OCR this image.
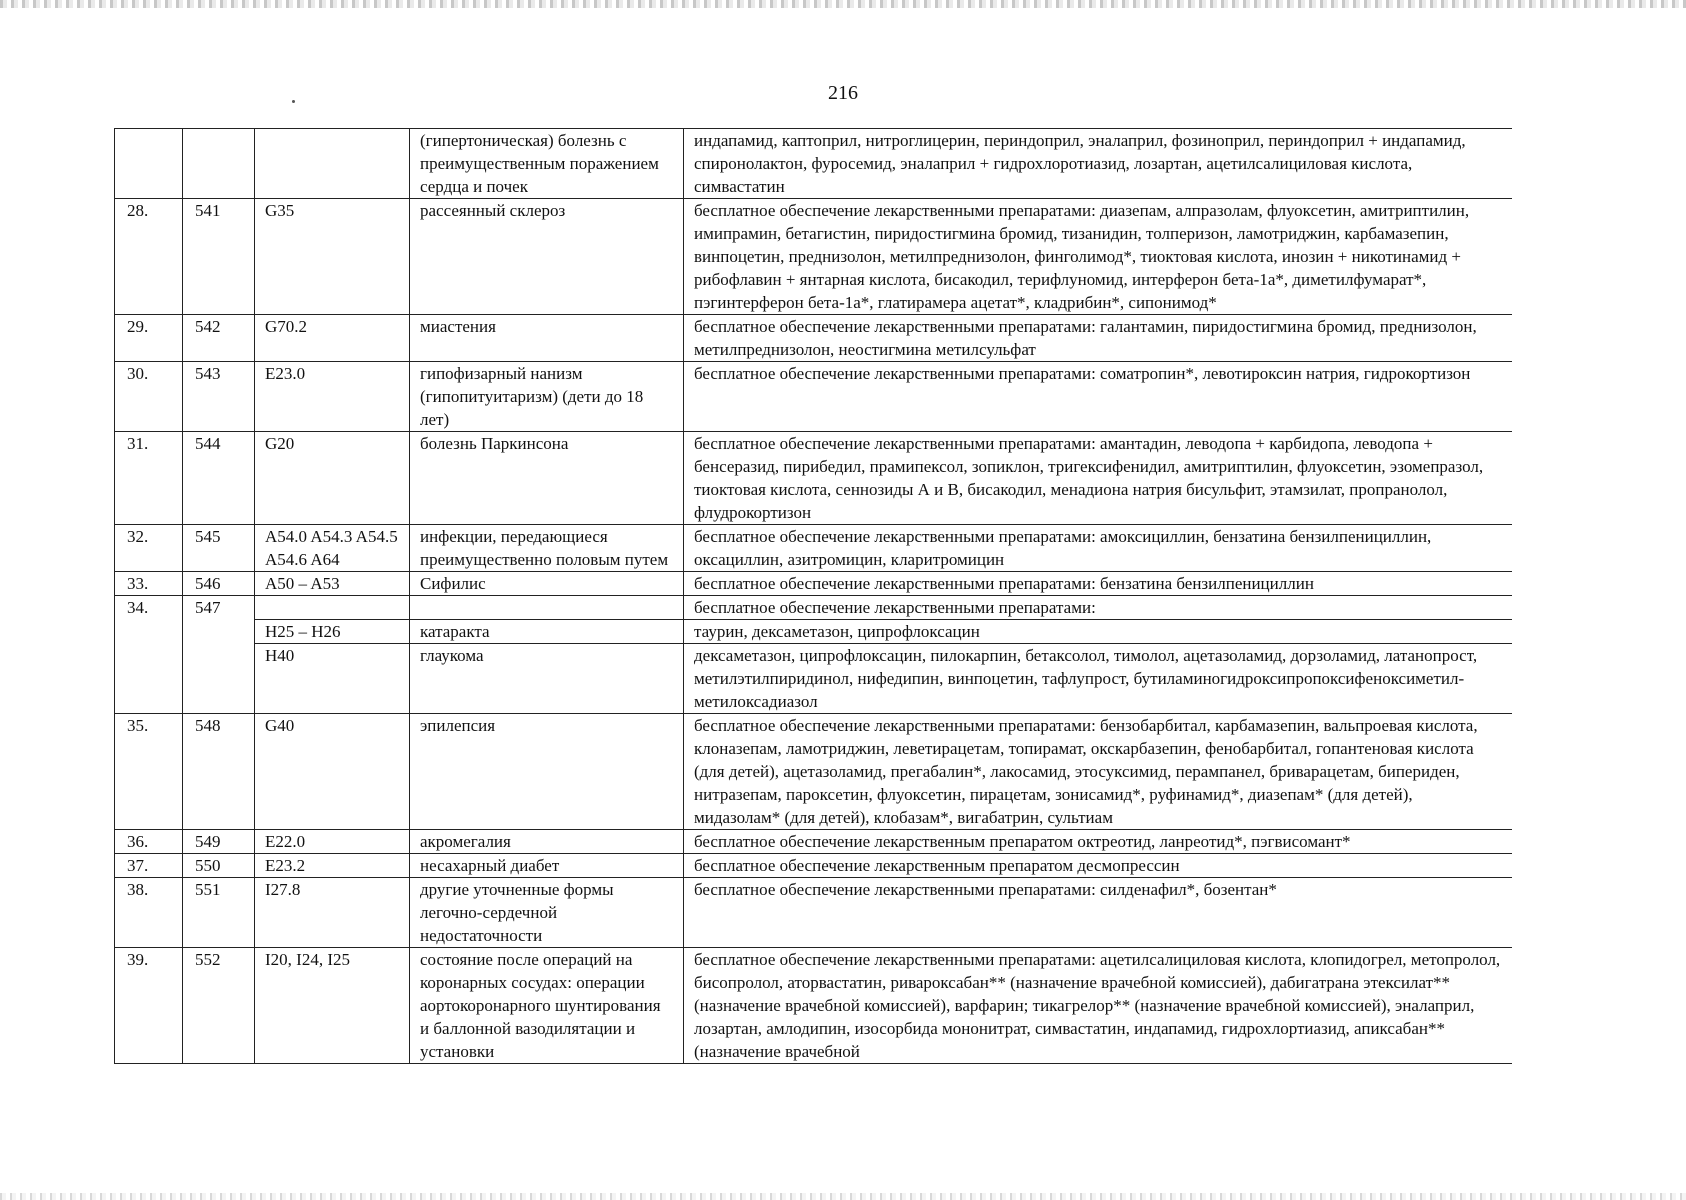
216
			(гипертоническая) болезнь с преимущественным поражением сердца и почек	индапамид, каптоприл, нитроглицерин, периндоприл, эналаприл, фозиноприл, периндоприл + индапамид, спиронолактон, фуросемид, эналаприл + гидрохлоротиазид, лозартан, ацетилсалициловая кислота, симвастатин
28.	541	G35	рассеянный склероз	бесплатное обеспечение лекарственными препаратами: диазепам, алпразолам, флуоксетин, амитриптилин, имипрамин, бетагистин, пиридостигмина бромид, тизанидин, толперизон, ламотриджин, карбамазепин, винпоцетин, преднизолон, метилпреднизолон, финголимод*, тиоктовая кислота, инозин + никотинамид + рибофлавин + янтарная кислота, бисакодил, терифлуномид, интерферон бета-1а*, диметилфумарат*, пэгинтерферон бета-1а*, глатирамера ацетат*, кладрибин*, сипонимод*
29.	542	G70.2	миастения	бесплатное обеспечение лекарственными препаратами: галантамин, пиридостигмина бромид, преднизолон, метилпреднизолон, неостигмина метилсульфат
30.	543	E23.0	гипофизарный нанизм (гипопитуитаризм) (дети до 18 лет)	бесплатное обеспечение лекарственными препаратами: соматропин*, левотироксин натрия, гидрокортизон
31.	544	G20	болезнь Паркинсона	бесплатное обеспечение лекарственными препаратами: амантадин, леводопа + карбидопа, леводопа + бенсеразид, пирибедил, прамипексол, зопиклон, тригексифенидил, амитриптилин, флуоксетин, эзомепразол, тиоктовая кислота, сеннозиды А и В, бисакодил, менадиона натрия бисульфит, этамзилат, пропранолол, флудрокортизон
32.	545	A54.0 A54.3 A54.5 A54.6 A64	инфекции, передающиеся преимущественно половым путем	бесплатное обеспечение лекарственными препаратами: амоксициллин, бензатина бензилпенициллин, оксациллин, азитромицин, кларитромицин
33.	546	A50 – A53	Сифилис	бесплатное обеспечение лекарственными препаратами: бензатина бензилпенициллин
34.	547			бесплатное обеспечение лекарственными препаратами:
		H25 – H26	катаракта	таурин, дексаметазон, ципрофлоксацин
		H40	глаукома	дексаметазон, ципрофлоксацин, пилокарпин, бетаксолол, тимолол, ацетазоламид, дорзоламид, латанопрост, метилэтилпиридинол, нифедипин, винпоцетин, тафлупрост, бутиламиногидроксипропоксифеноксиметил-метилоксадиазол
35.	548	G40	эпилепсия	бесплатное обеспечение лекарственными препаратами: бензобарбитал, карбамазепин, вальпроевая кислота, клоназепам, ламотриджин, леветирацетам, топирамат, окскарбазепин, фенобарбитал, гопантеновая кислота (для детей), ацетазоламид, прегабалин*, лакосамид, этосуксимид, перампанел, бриварацетам, бипериден, нитразепам, пароксетин, флуоксетин, пирацетам, зонисамид*, руфинамид*, диазепам* (для детей), мидазолам* (для детей), клобазам*, вигабатрин, сультиам
36.	549	E22.0	акромегалия	бесплатное обеспечение лекарственным препаратом октреотид, ланреотид*, пэгвисомант*
37.	550	E23.2	несахарный диабет	бесплатное обеспечение лекарственным препаратом десмопрессин
38.	551	I27.8	другие уточненные формы легочно-сердечной недостаточности	бесплатное обеспечение лекарственными препаратами: силденафил*, бозентан*
39.	552	I20, I24, I25	состояние после операций на коронарных сосудах: операции аортокоронарного шунтирования и баллонной вазодилятации и установки	бесплатное обеспечение лекарственными препаратами: ацетилсалициловая кислота, клопидогрел, метопролол, бисопролол, аторвастатин, ривароксабан** (назначение врачебной комиссией), дабигатрана этексилат** (назначение врачебной комиссией), варфарин; тикагрелор** (назначение врачебной комиссией), эналаприл, лозартан, амлодипин, изосорбида мононитрат, симвастатин, индапамид, гидрохлортиазид, апиксабан** (назначение врачебной
